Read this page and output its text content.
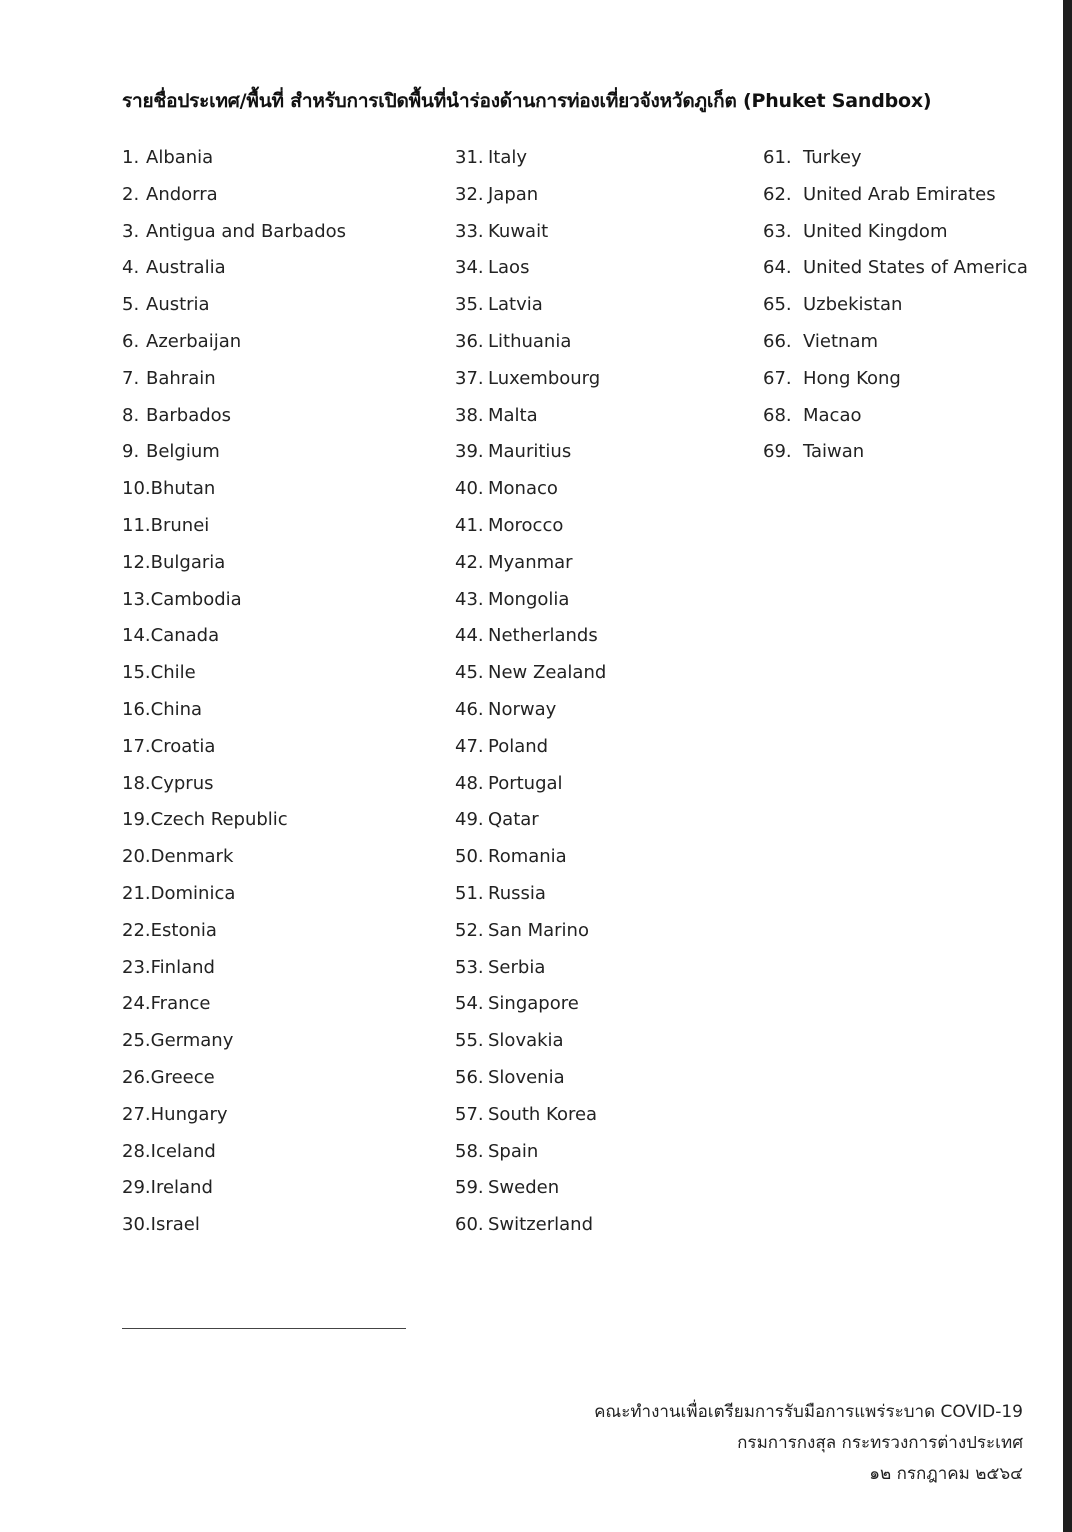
รายชื่อประเทศ/พื้นที่ สำหรับการเปิดพื้นที่นำร่องด้านการท่องเที่ยวจังหวัดภูเก็ต (Phuket Sandbox)
1. Albania
2. Andorra
3. Antigua and Barbados
4. Australia
5. Austria
6. Azerbaijan
7. Bahrain
8. Barbados
9. Belgium
10.Bhutan
11.Brunei
12.Bulgaria
13.Cambodia
14.Canada
15.Chile
16.China
17.Croatia
18.Cyprus
19.Czech Republic
20.Denmark
21.Dominica
22.Estonia
23.Finland
24.France
25.Germany
26.Greece
27.Hungary
28.Iceland
29.Ireland
30.Israel
31. Italy
32. Japan
33. Kuwait
34. Laos
35. Latvia
36. Lithuania
37. Luxembourg
38. Malta
39. Mauritius
40. Monaco
41. Morocco
42. Myanmar
43. Mongolia
44. Netherlands
45. New Zealand
46. Norway
47. Poland
48. Portugal
49. Qatar
50. Romania
51. Russia
52. San Marino
53. Serbia
54. Singapore
55. Slovakia
56. Slovenia
57. South Korea
58. Spain
59. Sweden
60. Switzerland
61. Turkey
62. United Arab Emirates
63. United Kingdom
64. United States of America
65. Uzbekistan
66. Vietnam
67. Hong Kong
68. Macao
69. Taiwan
คณะทำงานเพื่อเตรียมการรับมือการแพร่ระบาด COVID-19
กรมการกงสุล กระทรวงการต่างประเทศ
๑๒ กรกฎาคม ๒๕๖๔
